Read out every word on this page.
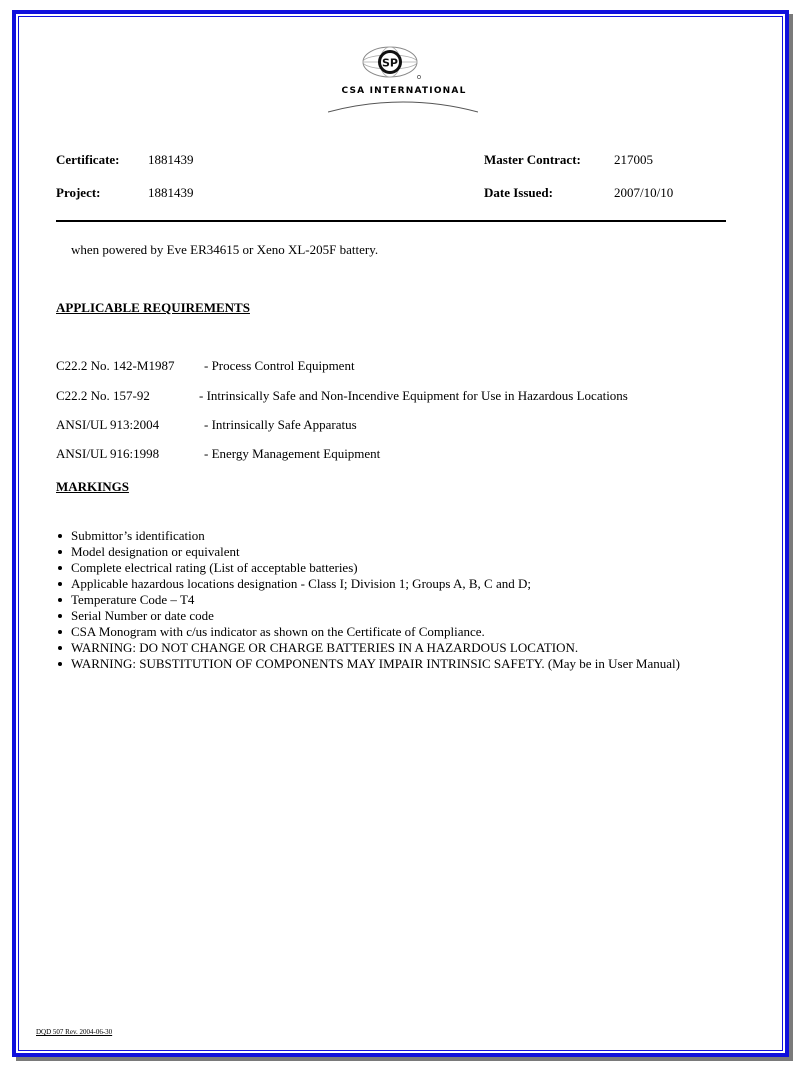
SP
CSA INTERNATIONAL
Certificate: 1881439
Project:	1881439
Master Contract:	217005
Date Issued:	2007/10/10
when powered by Eve ER34615 or Xeno XL-205F battery.
APPLICABLE REQUIREMENTS
C22.2 No. 142-M1987 - Process Control Equipment
C22.2 No. 157-92	- Intrinsically Safe and Non-Incendive Equipment for Use in Hazardous Locations
ANSI/UL 913:2004	- Intrinsically Safe Apparatus
ANSI/UL 916:1998	- Energy Management Equipment
MARKINGS
Submittor’s identification
Model designation or equivalent
Complete electrical rating (List of acceptable batteries)
Applicable hazardous locations designation - Class I; Division 1; Groups A, B, C and D;
Temperature Code – T4
Serial Number or date code
CSA Monogram with c/us indicator as shown on the Certificate of Compliance.
WARNING: DO NOT CHANGE OR CHARGE BATTERIES IN A HAZARDOUS LOCATION.
WARNING: SUBSTITUTION OF COMPONENTS MAY IMPAIR INTRINSIC SAFETY. (May be in User Manual)
DQD 507 Rev. 2004-06-30
